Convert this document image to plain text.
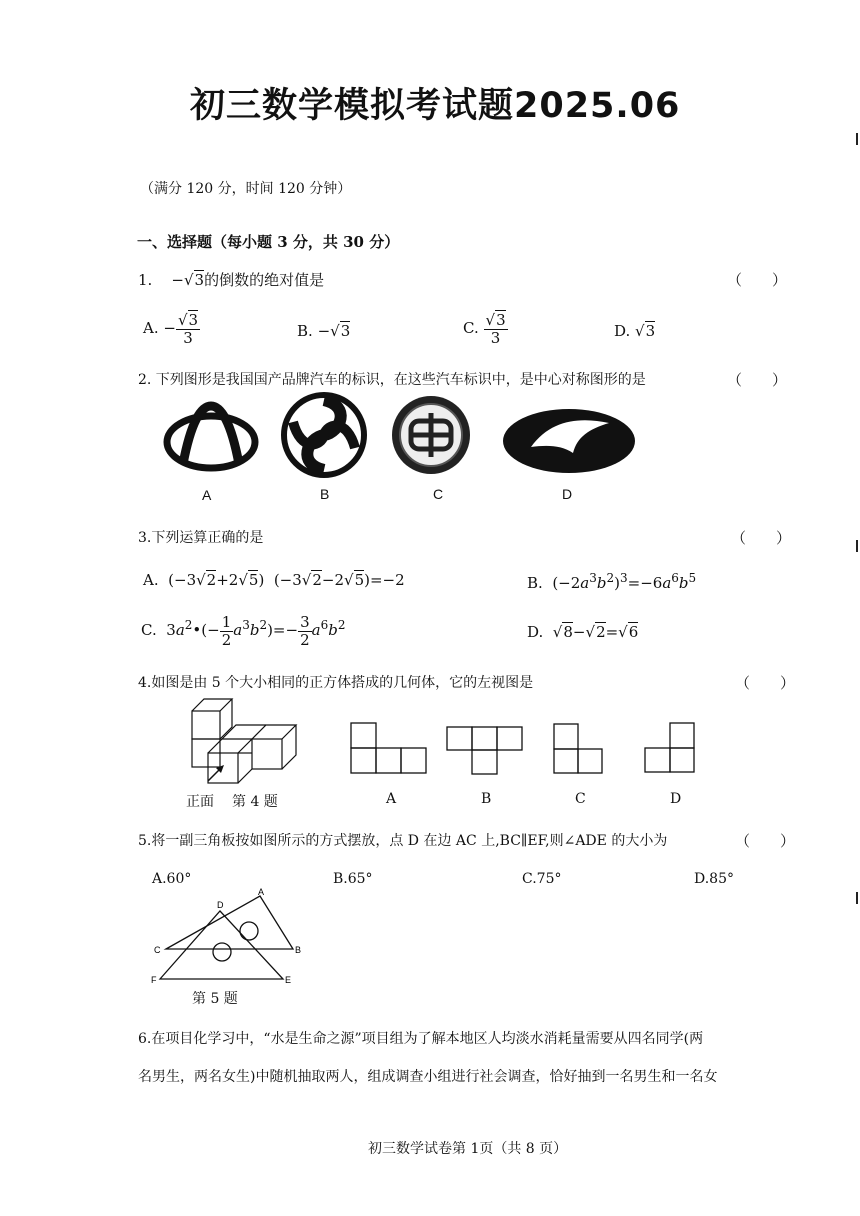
初三数学模拟考试题2025.06
（满分 120 分，时间 120 分钟）
一、选择题（每小题 3 分，共 30 分）
1.    −√3的倒数的绝对值是	（　　）
A. − $\frac{√3}{3}$	B. −√3	C. $\frac{√3}{3}$	D. √3
2. 下列图形是我国国产品牌汽车的标识，在这些汽车标识中，是中心对称图形的是	（　　）
A	B	C	D
3.下列运算正确的是	（　　）
A.  (−3√2+2√5)  (−3√2−2√5)=−2	B.  $(-2a^3b^2)^3=-6a^6b^5$
C.  $3a^2•(- \frac{1}{2} a^3b^2)=- \frac{3}{2} a^6b^2$	D.  √8−√2=√6
4.如图是由 5 个大小相同的正方体搭成的几何体，它的左视图是	（　　）
正面 第 4 题	A	B	C	D
5.将一副三角板按如图所示的方式摆放，点 D 在边 AC 上,BC∥EF,则∠ADE 的大小为	（　　）
A.60°	B.65°	C.75°	D.85°
A
D
C	B
F	E
第 5 题
6.在项目化学习中，“水是生命之源”项目组为了解本地区人均淡水消耗量需要从四名同学(两
名男生，两名女生)中随机抽取两人，组成调查小组进行社会调查，恰好抽到一名男生和一名女
初三数学试卷第 1页（共 8 页）
